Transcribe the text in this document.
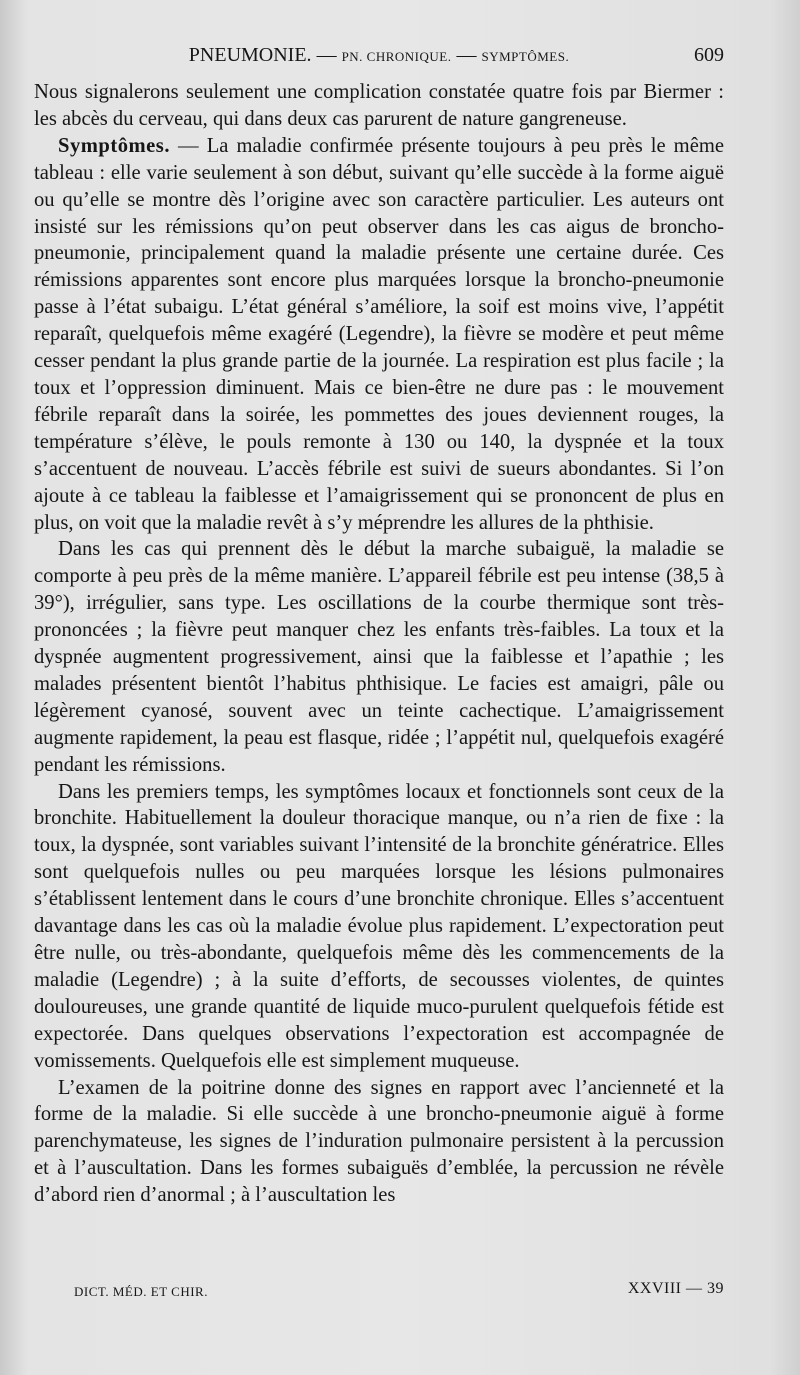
PNEUMONIE. — PN. CHRONIQUE. — SYMPTÔMES.	609

Nous signalerons seulement une complication constatée quatre fois par Biermer : les abcès du cerveau, qui dans deux cas parurent de nature gangreneuse.

Symptômes. — La maladie confirmée présente toujours à peu près le même tableau : elle varie seulement à son début, suivant qu’elle succède à la forme aiguë ou qu’elle se montre dès l’origine avec son caractère particulier. Les auteurs ont insisté sur les rémissions qu’on peut observer dans les cas aigus de broncho-pneumonie, principalement quand la maladie présente une certaine durée. Ces rémissions apparentes sont encore plus marquées lorsque la broncho-pneumonie passe à l’état subaigu. L’état général s’améliore, la soif est moins vive, l’appétit reparaît, quelquefois même exagéré (Legendre), la fièvre se modère et peut même cesser pendant la plus grande partie de la journée. La respiration est plus facile ; la toux et l’oppression diminuent. Mais ce bien-être ne dure pas : le mouvement fébrile reparaît dans la soirée, les pommettes des joues deviennent rouges, la température s’élève, le pouls remonte à 130 ou 140, la dyspnée et la toux s’accentuent de nouveau. L’accès fébrile est suivi de sueurs abondantes. Si l’on ajoute à ce tableau la faiblesse et l’amaigrissement qui se prononcent de plus en plus, on voit que la maladie revêt à s’y méprendre les allures de la phthisie.

Dans les cas qui prennent dès le début la marche subaiguë, la maladie se comporte à peu près de la même manière. L’appareil fébrile est peu intense (38,5 à 39°), irrégulier, sans type. Les oscillations de la courbe thermique sont très-prononcées ; la fièvre peut manquer chez les enfants très-faibles. La toux et la dyspnée augmentent progressivement, ainsi que la faiblesse et l’apathie ; les malades présentent bientôt l’habitus phthisique. Le facies est amaigri, pâle ou légèrement cyanosé, souvent avec un teinte cachectique. L’amaigrissement augmente rapidement, la peau est flasque, ridée ; l’appétit nul, quelquefois exagéré pendant les rémissions.

Dans les premiers temps, les symptômes locaux et fonctionnels sont ceux de la bronchite. Habituellement la douleur thoracique manque, ou n’a rien de fixe : la toux, la dyspnée, sont variables suivant l’intensité de la bronchite génératrice. Elles sont quelquefois nulles ou peu marquées lorsque les lésions pulmonaires s’établissent lentement dans le cours d’une bronchite chronique. Elles s’accentuent davantage dans les cas où la maladie évolue plus rapidement. L’expectoration peut être nulle, ou très-abondante, quelquefois même dès les commencements de la maladie (Legendre) ; à la suite d’efforts, de secousses violentes, de quintes douloureuses, une grande quantité de liquide muco-purulent quelquefois fétide est expectorée. Dans quelques observations l’expectoration est accompagnée de vomissements. Quelquefois elle est simplement muqueuse.

L’examen de la poitrine donne des signes en rapport avec l’ancienneté et la forme de la maladie. Si elle succède à une broncho-pneumonie aiguë à forme parenchymateuse, les signes de l’induration pulmonaire persistent à la percussion et à l’auscultation. Dans les formes subaiguës d’emblée, la percussion ne révèle d’abord rien d’anormal ; à l’auscultation les

DICT. MÉD. ET CHIR.	XXVIII — 39
